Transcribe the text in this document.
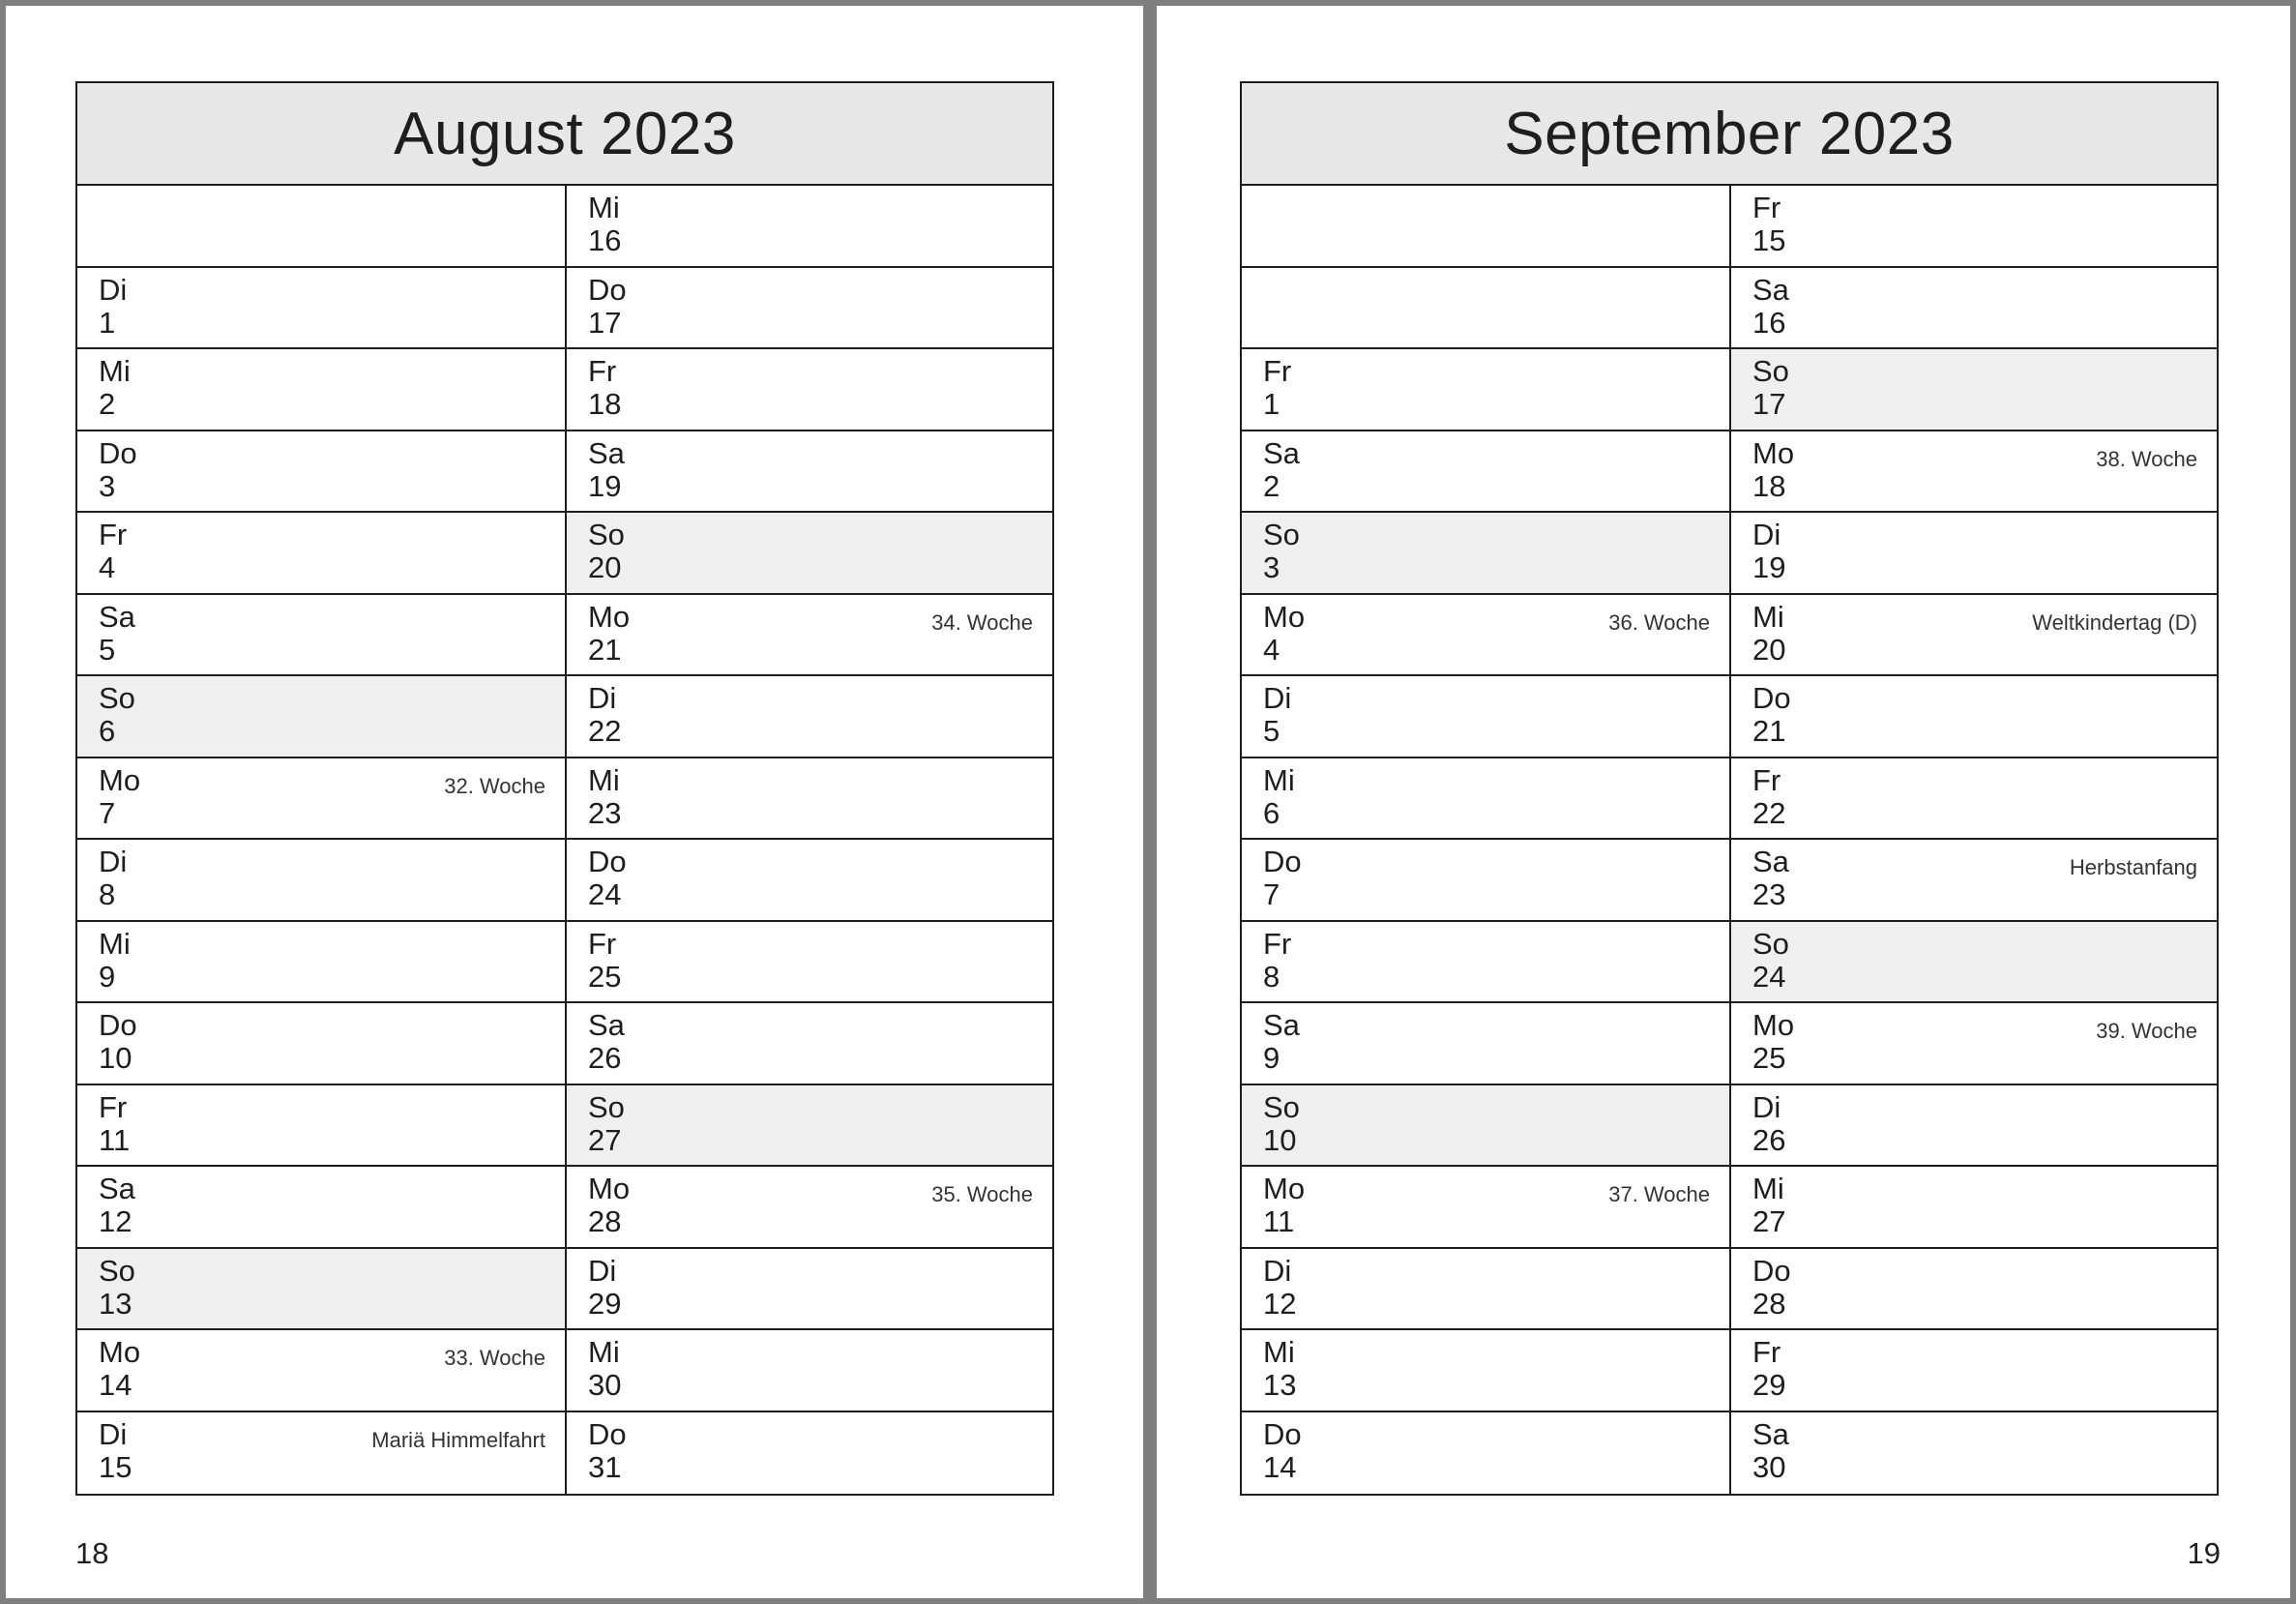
August 2023
Di
1
Mi
2
Do
3
Fr
4
Sa
5
So
6
Mo
7
32. Woche
Di
8
Mi
9
Do
10
Fr
11
Sa
12
So
13
Mo
14
33. Woche
Di
15
Mariä Himmelfahrt
Mi
16
Do
17
Fr
18
Sa
19
So
20
Mo
21
34. Woche
Di
22
Mi
23
Do
24
Fr
25
Sa
26
So
27
Mo
28
35. Woche
Di
29
Mi
30
Do
31
18
September 2023
Fr
1
Sa
2
So
3
Mo
4
36. Woche
Di
5
Mi
6
Do
7
Fr
8
Sa
9
So
10
Mo
11
37. Woche
Di
12
Mi
13
Do
14
Fr
15
Sa
16
So
17
Mo
18
38. Woche
Di
19
Mi
20
Weltkindertag (D)
Do
21
Fr
22
Sa
23
Herbstanfang
So
24
Mo
25
39. Woche
Di
26
Mi
27
Do
28
Fr
29
Sa
30
19
